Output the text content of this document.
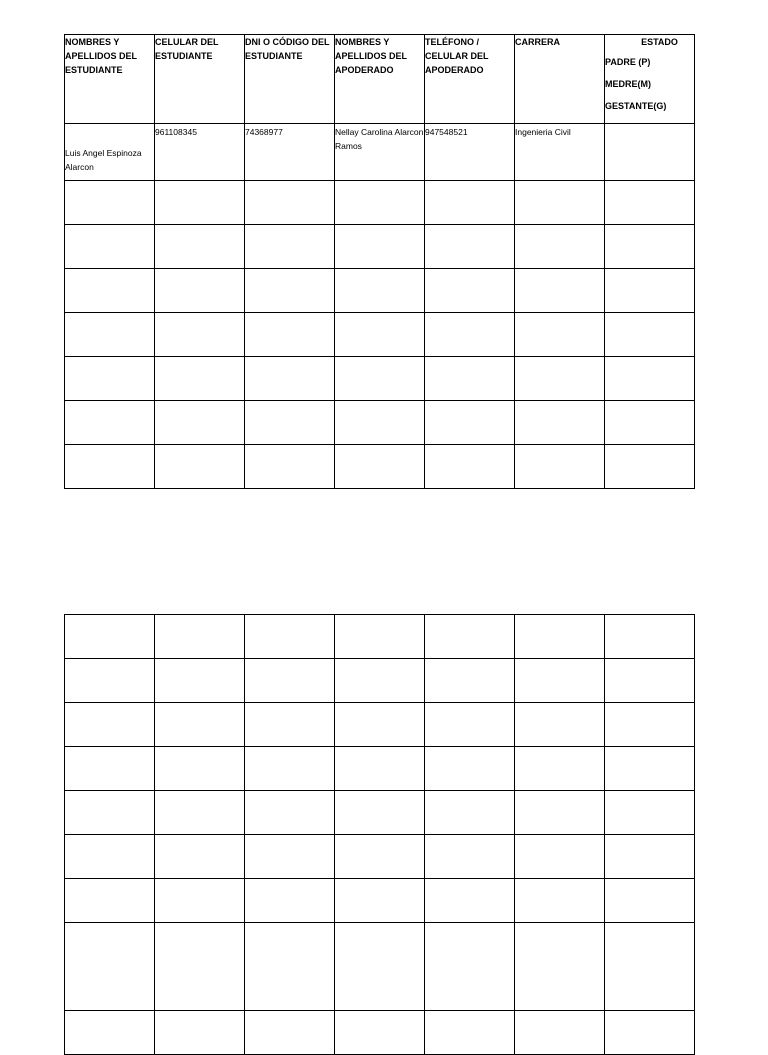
NOMBRES Y APELLIDOS DEL ESTUDIANTE	CELULAR DEL ESTUDIANTE	DNI O CÓDIGO DEL ESTUDIANTE	NOMBRES Y APELLIDOS DEL APODERADO	TELÉFONO / CELULAR DEL APODERADO	CARRERA	ESTADO
PADRE (P)
MEDRE(M)
GESTANTE(G)

Luis Angel Espinoza Alarcon	961108345	74368977	Nellay Carolina Alarcon Ramos	947548521	Ingenieria Civil	
